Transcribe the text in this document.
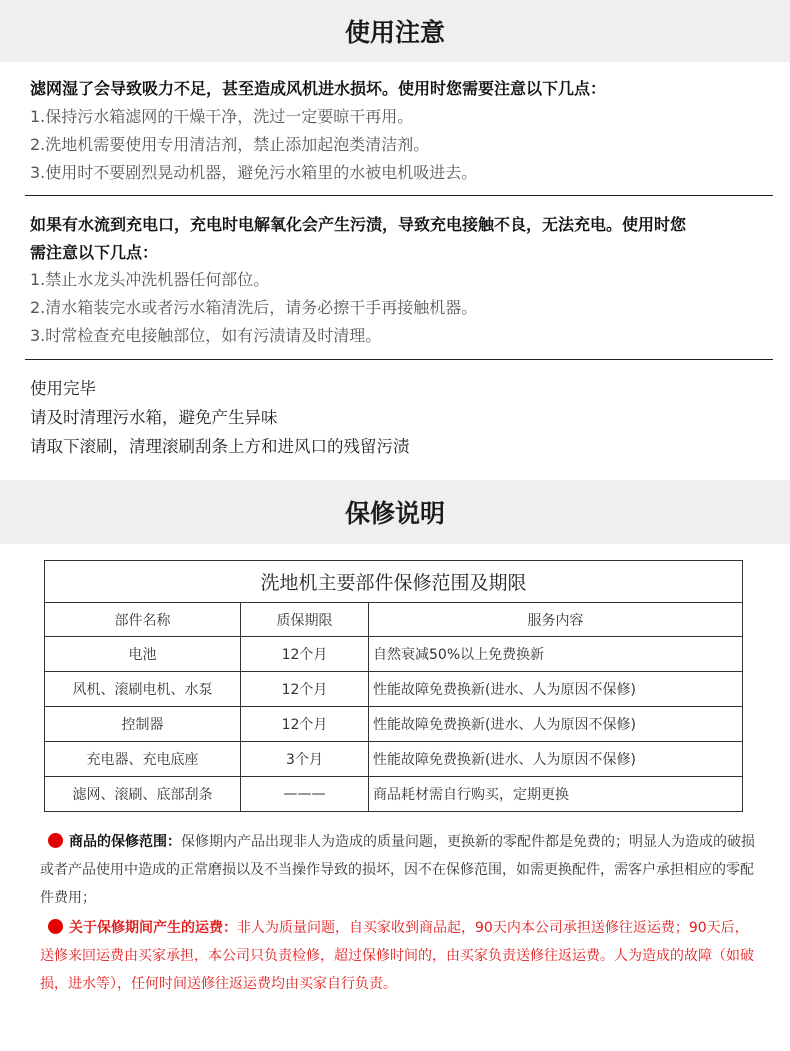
使用注意
滤网湿了会导致吸力不足，甚至造成风机进水损坏。使用时您需要注意以下几点：
1.保持污水箱滤网的干燥干净，洗过一定要晾干再用。
2.洗地机需要使用专用清洁剂，禁止添加起泡类清洁剂。
3.使用时不要剧烈晃动机器，避免污水箱里的水被电机吸进去。
如果有水流到充电口，充电时电解氧化会产生污渍，导致充电接触不良，无法充电。使用时您
需注意以下几点：
1.禁止水龙头冲洗机器任何部位。
2.清水箱装完水或者污水箱清洗后，请务必擦干手再接触机器。
3.时常检查充电接触部位，如有污渍请及时清理。
使用完毕
请及时清理污水箱，避免产生异味
请取下滚刷，清理滚刷刮条上方和进风口的残留污渍
保修说明
洗地机主要部件保修范围及期限		
部件名称	质保期限	服务内容
电池	12个月	自然衰减50%以上免费换新
风机、滚刷电机、水泵	12个月	性能故障免费换新(进水、人为原因不保修)
控制器	12个月	性能故障免费换新(进水、人为原因不保修)
充电器、充电底座	3个月	性能故障免费换新(进水、人为原因不保修)
滤网、滚刷、底部刮条	———	商品耗材需自行购买，定期更换
商品的保修范围：保修期内产品出现非人为造成的质量问题，更换新的零配件都是免费的；明显人为造成的破损或者产品使用中造成的正常磨损以及不当操作导致的损坏，因不在保修范围，如需更换配件，需客户承担相应的零配件费用；
关于保修期间产生的运费：非人为质量问题，自买家收到商品起，90天内本公司承担送修往返运费；90天后，送修来回运费由买家承担，本公司只负责检修，超过保修时间的，由买家负责送修往返运费。人为造成的故障（如破损，进水等），任何时间送修往返运费均由买家自行负责。
